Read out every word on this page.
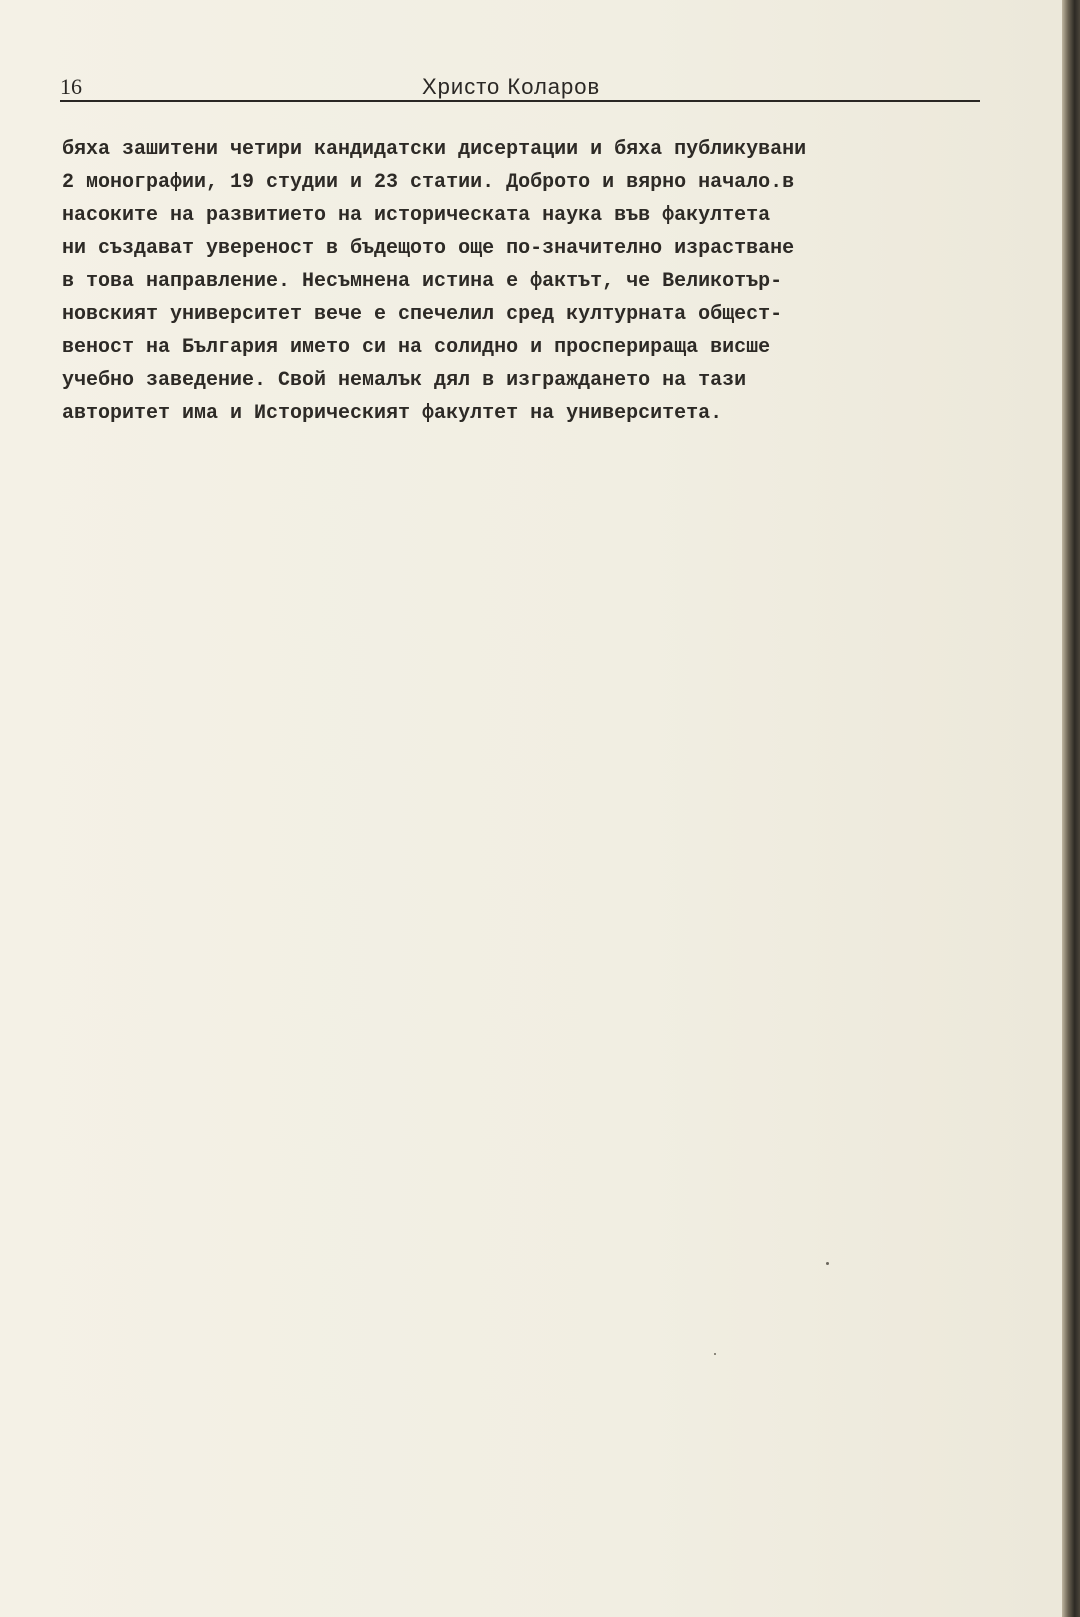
16	Христо Коларов
бяха зашитени четири кандидатски дисертации и бяха публикувани
2 монографии, 19 студии и 23 статии. Доброто и вярно начало.в
насоките на развитието на историческата наука във факултета
ни създават увереност в бъдещото още по-значително израстване
в това направление. Несъмнена истина е фактът, че Великотър-
новският университет вече е спечелил сред културната общест-
веност на България името си на солидно и просперираща висше
учебно заведение. Свой немалък дял в изграждането на тази
авторитет има и Историческият факултет на университета.
